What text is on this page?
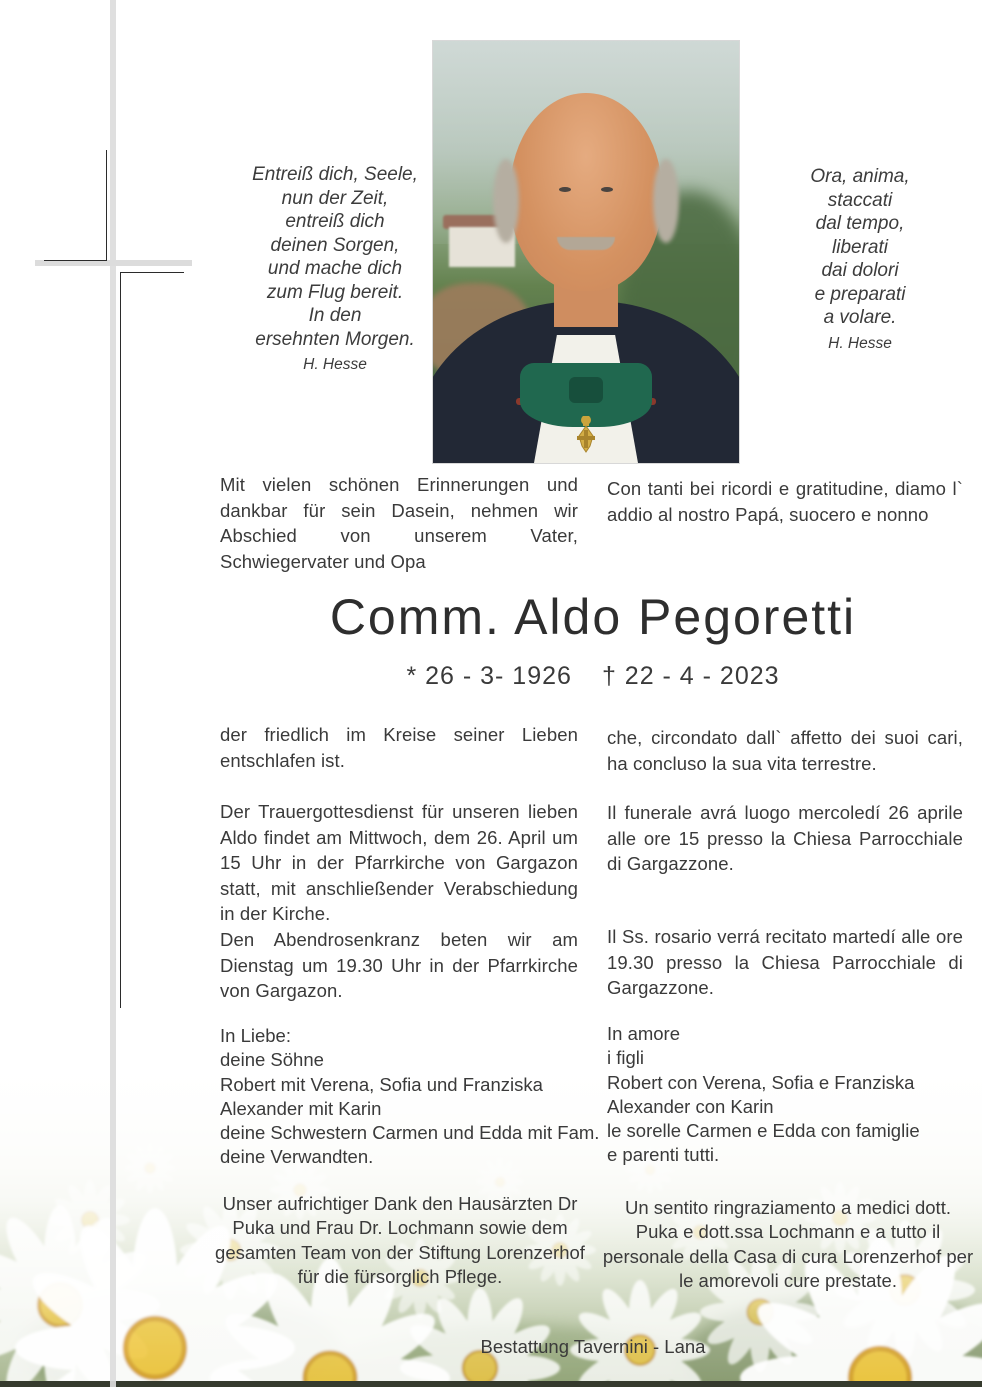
Entreiß dich, Seele,
nun der Zeit,
entreiß dich
deinen Sorgen,
und mache dich
zum Flug bereit.
In den
ersehnten Morgen.
H. Hesse
Ora, anima,
staccati
dal tempo,
liberati
dai dolori
e preparati
a volare.
H. Hesse
Mit vielen schönen Erinnerungen und dankbar für sein Dasein, nehmen wir Abschied von unserem Vater, Schwiegervater und Opa
Con tanti bei ricordi e gratitudine, diamo l` addio al nostro Papá, suocero e nonno
Comm. Aldo Pegoretti
* 26 - 3- 1926 † 22 - 4 - 2023
der friedlich im Kreise seiner Lieben entschlafen ist.
che, circondato dall` affetto dei suoi cari, ha concluso la sua vita terrestre.
Der Trauergottesdienst für unseren lieben Aldo findet am Mittwoch, dem 26. April um 15 Uhr in der Pfarrkirche von Gargazon statt, mit anschließender Verabschiedung in der Kirche.
Il funerale avrá luogo mercoledí 26 aprile alle ore 15 presso la Chiesa Parrocchiale di Gargazzone.
Den Abendrosenkranz beten wir am Dienstag um 19.30 Uhr in der Pfarrkirche von Gargazon.
Il Ss. rosario verrá recitato martedí alle ore 19.30 presso la Chiesa Parrocchiale di Gargazzone.
In Liebe:
deine Söhne
Robert mit Verena, Sofia und Franziska
Alexander mit Karin
deine Schwestern Carmen und Edda mit Fam.
deine Verwandten.
In amore
i figli
Robert con Verena, Sofia e Franziska
Alexander con Karin
le sorelle Carmen e Edda con famiglie
e parenti tutti.
Unser aufrichtiger Dank den Hausärzten Dr Puka und Frau Dr. Lochmann sowie dem gesamten Team von der Stiftung Lorenzerhof für die fürsorglich Pflege.
Un sentito ringraziamento a medici dott. Puka e dott.ssa Lochmann e a tutto il personale della Casa di cura Lorenzerhof per le amorevoli cure prestate.
Bestattung Tavernini - Lana
